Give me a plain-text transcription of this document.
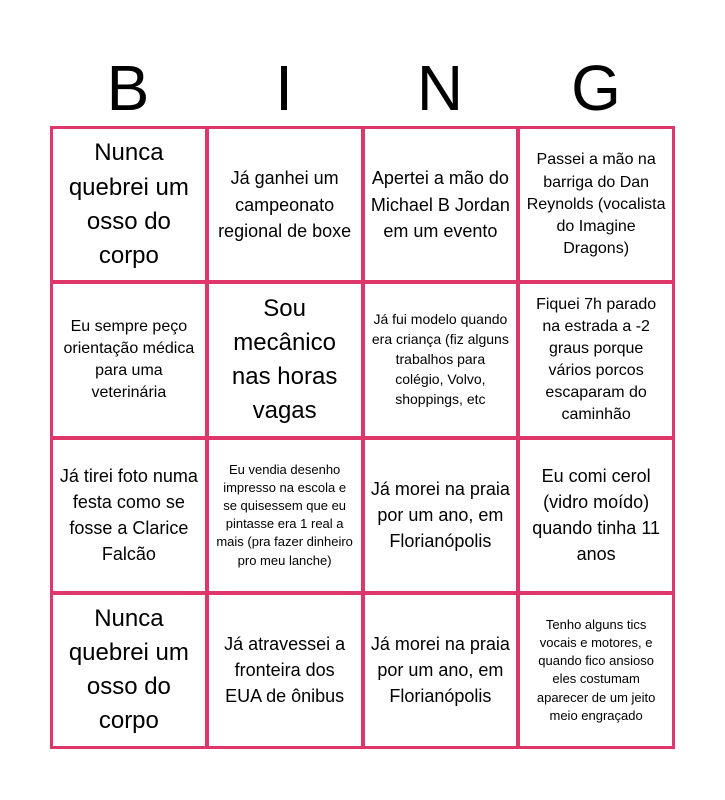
B	I	N	G
Nunca quebrei um osso do corpo
Já ganhei um campeonato regional de boxe
Apertei a mão do Michael B Jordan em um evento
Passei a mão na barriga do Dan Reynolds (vocalista do Imagine Dragons)
Eu sempre peço orientação médica para uma veterinária
Sou mecânico nas horas vagas
Já fui modelo quando era criança (fiz alguns trabalhos para colégio, Volvo, shoppings, etc
Fiquei 7h parado na estrada a -2 graus porque vários porcos escaparam do caminhão
Já tirei foto numa festa como se fosse a Clarice Falcão
Eu vendia desenho impresso na escola e se quisessem que eu pintasse era 1 real a mais (pra fazer dinheiro pro meu lanche)
Já morei na praia por um ano, em Florianópolis
Eu comi cerol (vidro moído) quando tinha 11 anos
Nunca quebrei um osso do corpo
Já atravessei a fronteira dos EUA de ônibus
Já morei na praia por um ano, em Florianópolis
Tenho alguns tics vocais e motores, e quando fico ansioso eles costumam aparecer de um jeito meio engraçado
